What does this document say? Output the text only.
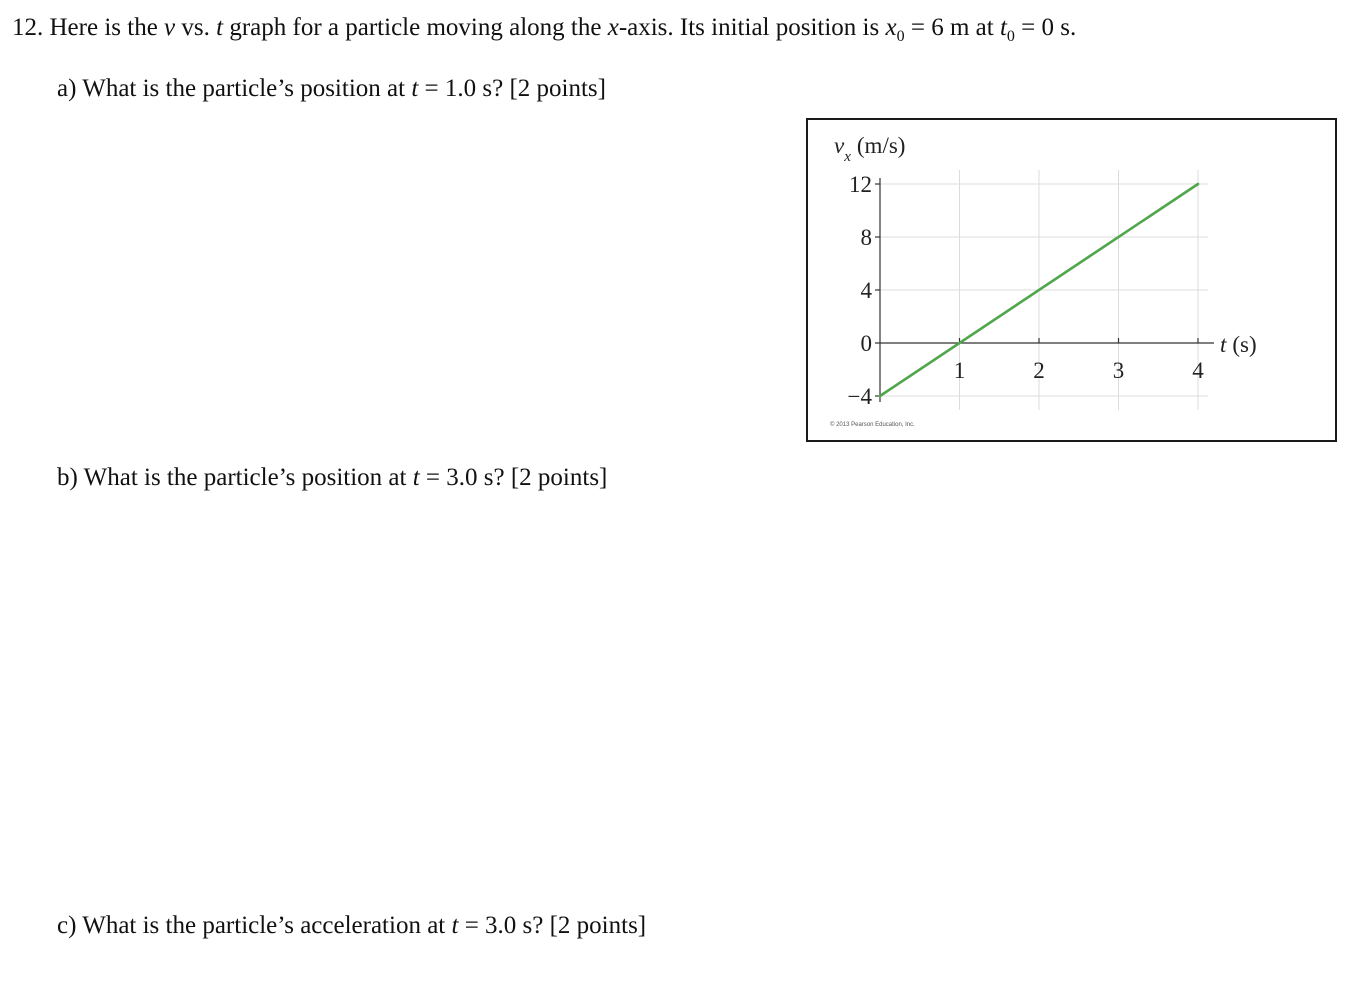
12. Here is the v vs. t graph for a particle moving along the x-axis. Its initial position is $x_0 = 6$ m at $t_0 = 0$ s.
a) What is the particle’s position at t = 1.0 s? [2 points]
b) What is the particle’s position at t = 3.0 s? [2 points]
c) What is the particle’s acceleration at t = 3.0 s? [2 points]
12
8
4
0
−4
1	2	3	4
$v_x$ (m/s)
t (s)
© 2013 Pearson Education, Inc.
